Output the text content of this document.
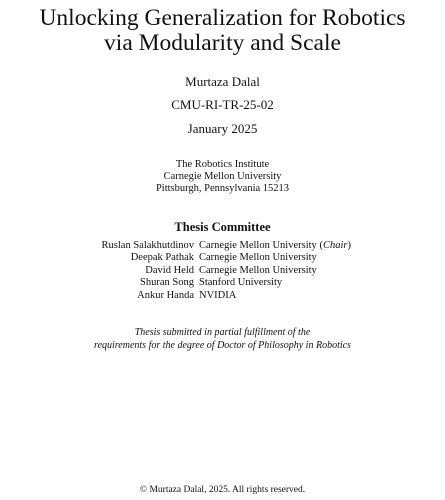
Unlocking Generalization for Robotics
via Modularity and Scale
Murtaza Dalal
CMU-RI-TR-25-02
January 2025
The Robotics Institute
Carnegie Mellon University
Pittsburgh, Pennsylvania 15213
Thesis Committee
Ruslan Salakhutdinov Carnegie Mellon University (Chair)
Deepak Pathak Carnegie Mellon University
David Held Carnegie Mellon University
Shuran Song Stanford University
Ankur Handa NVIDIA
Thesis submitted in partial fulfillment of the
requirements for the degree of Doctor of Philosophy in Robotics
© Murtaza Dalal, 2025. All rights reserved.
